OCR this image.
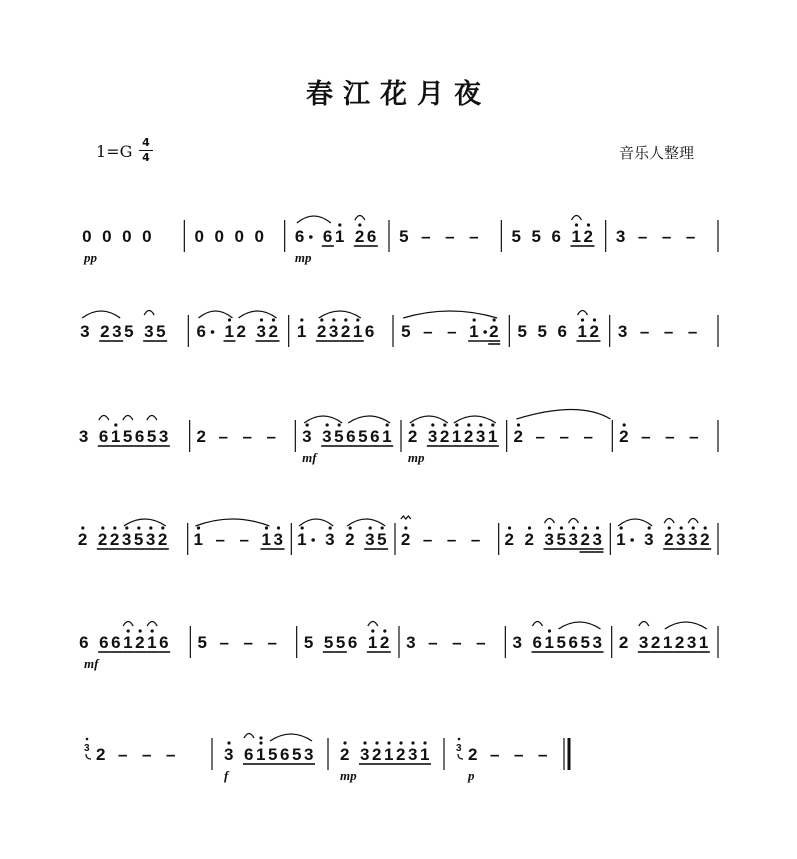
春江花月夜
1=G 4
4	音乐人整理
0 0 0 0
pp
0 0 0 0 6 6 1 2 6
mp
5 – – – 5 5 6 1 2 3 – – –
3 2 3 5 3 5 6 1 2 3 2 1 2 3 2 1 6 5 – – 1 2 5 5 6 1 2 3 – – –
3 6 1 5 6 5 3 2 – – – 3 3 5 6 5 6 1
mf
2 3 2 1 2 3 1
mp
2 – – – 2 – – –
2 2 2 3 5 3 2 1 – – 1 3 1 3 2 3 5 2 – – – 2 2 3 5 3 2 3 1 3 2 3 3 2
6 6 6 1 2 1 6
mf
5 – – – 5 5 5 6 1 2 3 – – – 3 6 1 5 6 5 3 2 3 2 1 2 3 1
3 2 – – –	3 6 1 5 6 5 3
f
2 3 2 1 2 3 1
mp
3 2 – – –
p
